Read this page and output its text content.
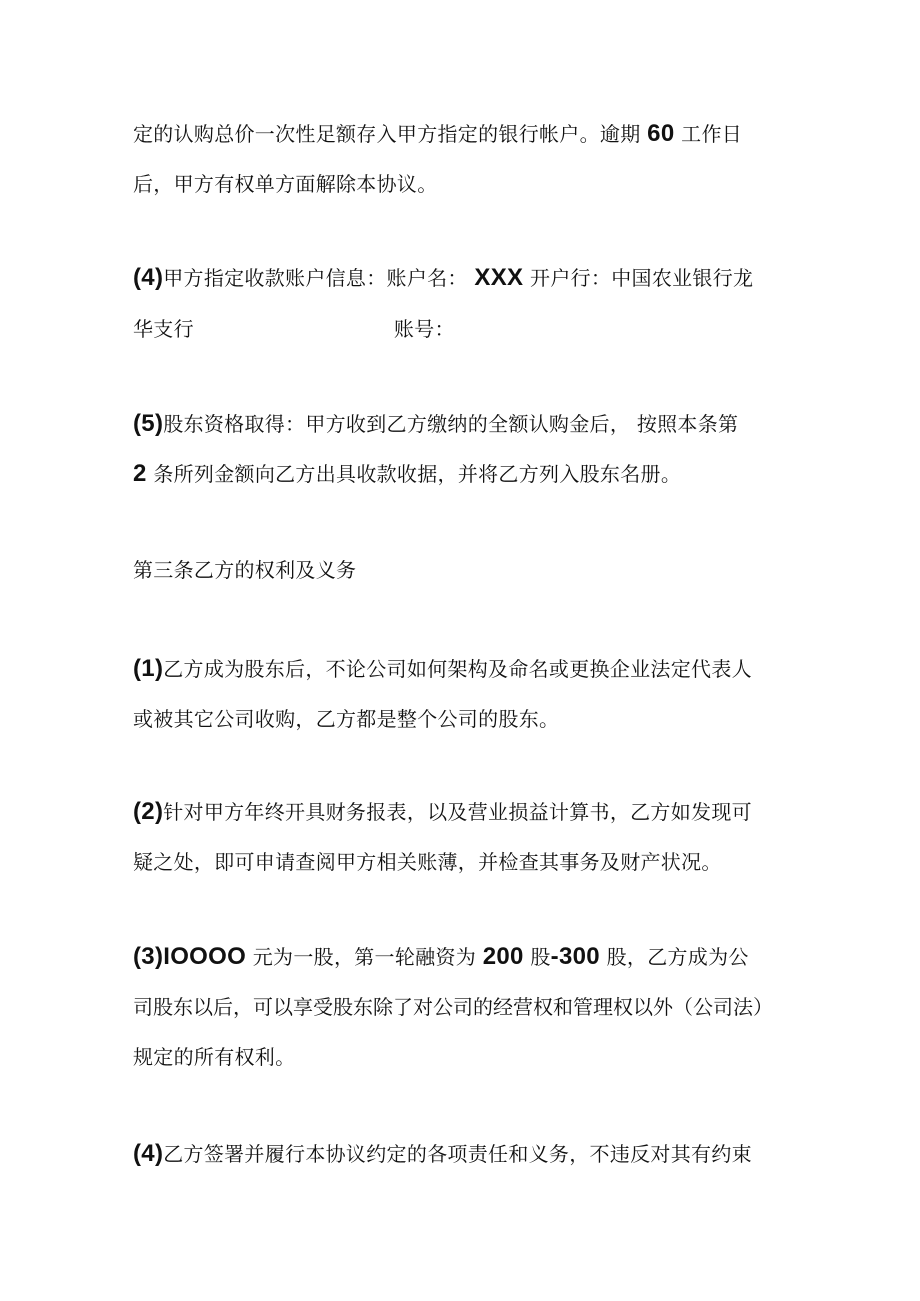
定的认购总价一次性足额存入甲方指定的银行帐户。逾期 60 工作日
后，甲方有权单方面解除本协议。
(4)甲方指定收款账户信息：账户名： XXX 开户行：中国农业银行龙
华支行	账号：
(5)股东资格取得：甲方收到乙方缴纳的全额认购金后， 按照本条第
2 条所列金额向乙方出具收款收据，并将乙方列入股东名册。
第三条乙方的权利及义务
(1)乙方成为股东后，不论公司如何架构及命名或更换企业法定代表人
或被其它公司收购，乙方都是整个公司的股东。
(2)针对甲方年终开具财务报表，以及营业损益计算书，乙方如发现可
疑之处，即可申请查阅甲方相关账薄，并检查其事务及财产状况。
(3)IOOOO 元为一股，第一轮融资为 200 股-300 股，乙方成为公
司股东以后，可以享受股东除了对公司的经营权和管理权以外（公司法）
规定的所有权利。
(4)乙方签署并履行本协议约定的各项责任和义务，不违反对其有约束
